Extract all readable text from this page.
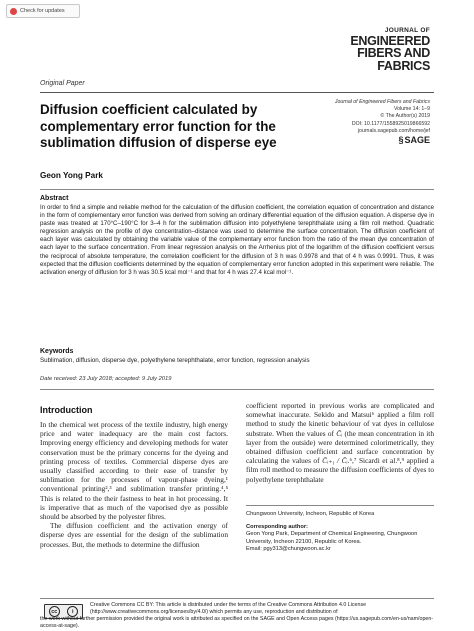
Check for updates
JOURNAL OF
ENGINEERED
FIBERS AND
FABRICS
Original Paper
Journal of Engineered Fibers and Fabrics
Volume 14: 1–9
© The Author(s) 2019
DOI: 10.1177/1558925019866592
journals.sagepub.com/home/jef
§ SAGE
Diffusion coefficient calculated by complementary error function for the sublimation diffusion of disperse eye
Geon Yong Park
Abstract
In order to find a simple and reliable method for the calculation of the diffusion coefficient, the correlation equation of concentration and distance in the form of complementary error function was derived from solving an ordinary differential equation of the diffusion equation. A disperse dye in paste was treated at 170°C–190°C for 3–4 h for the sublimation diffusion into polyethylene terephthalate using a film roll method. Quadratic regression analysis on the profile of dye concentration–distance was used to determine the surface concentration. The diffusion coefficient of each layer was calculated by obtaining the variable value of the complementary error function from the ratio of the mean dye concentration of each layer to the surface concentration. From linear regression analysis on the Arrhenius plot of the logarithm of the diffusion coefficient versus the reciprocal of absolute temperature, the correlation coefficient for the diffusion of 3 h was 0.9978 and that of 4 h was 0.9991. Thus, it was expected that the diffusion coefficients determined by the equation of complementary error function adopted in this experiment were reliable. The activation energy of diffusion for 3 h was 30.5 kcal mol⁻¹ and that for 4 h was 27.4 kcal mol⁻¹.
Keywords
Sublimation, diffusion, disperse dye, polyethylene terephthalate, error function, regression analysis
Date received: 23 July 2018; accepted: 9 July 2019
Introduction

In the chemical wet process of the textile industry, high energy price and water inadequacy are the main cost factors. Improving energy efficiency and developing methods for water conservation must be the primary concerns for the dyeing and printing process of textiles. Commercial disperse dyes are usually classified according to their ease of transfer by sublimation for the processes of vapour-phase dyeing,¹ conventional printing²,³ and sublimation transfer printing.⁴,⁵ This is related to the their fastness to heat in hot processing. It is imperative that as much of the vaporised dye as possible should be absorbed by the polyester fibres.

The diffusion coefficient and the activation energy of disperse dyes are essential for the design of the sublimation processes. But, the methods to determine the diffusion

coefficient reported in previous works are complicated and somewhat inaccurate. Sekido and Matsui⁶ applied a film roll method to study the kinetic behaviour of vat dyes in cellulose substrate. When the values of C̄ᵢ (the mean concentration in ith layer from the outside) were determined colorimetrically, they obtained diffusion coefficient and surface concentration by calculating the values of C̄ᵢ₊₁ / C̄ᵢ.⁶,⁷ Sicardi et al.⁸,⁹ applied a film roll method to measure the diffusion coefficients of dyes to polyethylene terephthalate

Chungwoon University, Incheon, Republic of Korea
Corresponding author:
Geon Yong Park, Department of Chemical Engineering, Chungwoon University, Incheon 22100, Republic of Korea.
Email: pgy313@chungwoon.ac.kr
cc	i
Creative Commons CC BY: This article is distributed under the terms of the Creative Commons Attribution 4.0 License (http://www.creativecommons.org/licenses/by/4.0/) which permits any use, reproduction and distribution of
the work without further permission provided the original work is attributed as specified on the SAGE and Open Access pages (https://us.sagepub.com/en-us/nam/open-access-at-sage).
